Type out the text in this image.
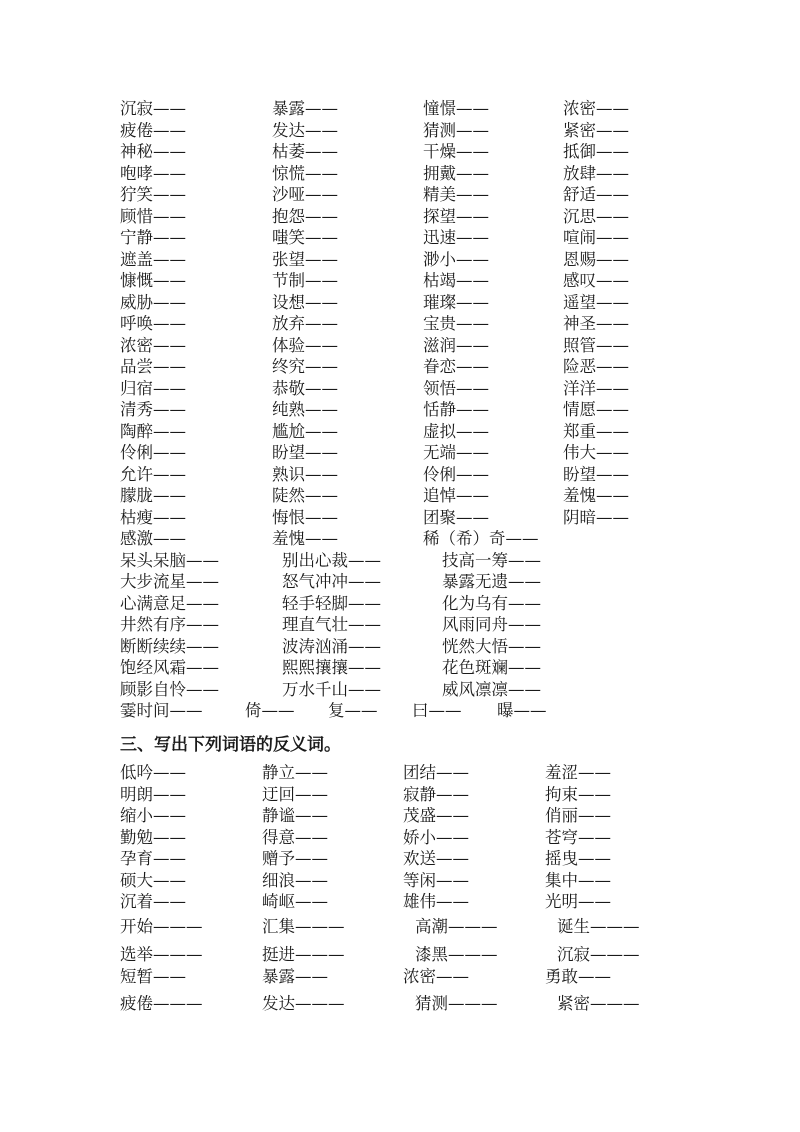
沉寂——	暴露——	憧憬——	浓密——
疲倦——	发达——	猜测——	紧密——
神秘——	枯萎——	干燥——	抵御——
咆哮——	惊慌——	拥戴——	放肆——
狞笑——	沙哑——	精美——	舒适——
顾惜——	抱怨——	探望——	沉思——
宁静——	嗤笑——	迅速——	喧闹——
遮盖——	张望——	渺小——	恩赐——
慷慨——	节制——	枯竭——	感叹——
威胁——	设想——	璀璨——	遥望——
呼唤——	放弃——	宝贵——	神圣——
浓密——	体验——	滋润——	照管——
品尝——	终究——	眷恋——	险恶——
归宿——	恭敬——	领悟——	洋洋——
清秀——	纯熟——	恬静——	情愿——
陶醉——	尴尬——	虚拟——	郑重——
伶俐——	盼望——	无端——	伟大——
允许——	熟识——	伶俐——	盼望——
朦胧——	陡然——	追悼——	羞愧——
枯瘦——	悔恨——	团聚——	阴暗——
感激——	羞愧——	稀（希）奇——
呆头呆脑——	别出心裁——	技高一筹——
大步流星——	怒气冲冲——	暴露无遗——
心满意足——	轻手轻脚——	化为乌有——
井然有序——	理直气壮——	风雨同舟——
断断续续——	波涛汹涌——	恍然大悟——
饱经风霜——	熙熙攘攘——	花色斑斓——
顾影自怜——	万水千山——	威风凛凛——
霎时间——	倚—— 复—— 曰—— 曝——
低吟——	静立——	团结——	羞涩——
明朗——	迂回——	寂静——	拘束——
缩小——	静谧——	茂盛——	俏丽——
勤勉——	得意——	娇小——	苍穹——
孕育——	赠予——	欢送——	摇曳——
硕大——	细浪——	等闲——	集中——
沉着——	崎岖——	雄伟——	光明——
开始———	汇集———	高潮———	诞生———
选举———	挺进———	漆黑———	沉寂———
短暂——	暴露——	浓密——	勇敢——
疲倦———	发达———	猜测———	紧密———
三、写出下列词语的反义词。
